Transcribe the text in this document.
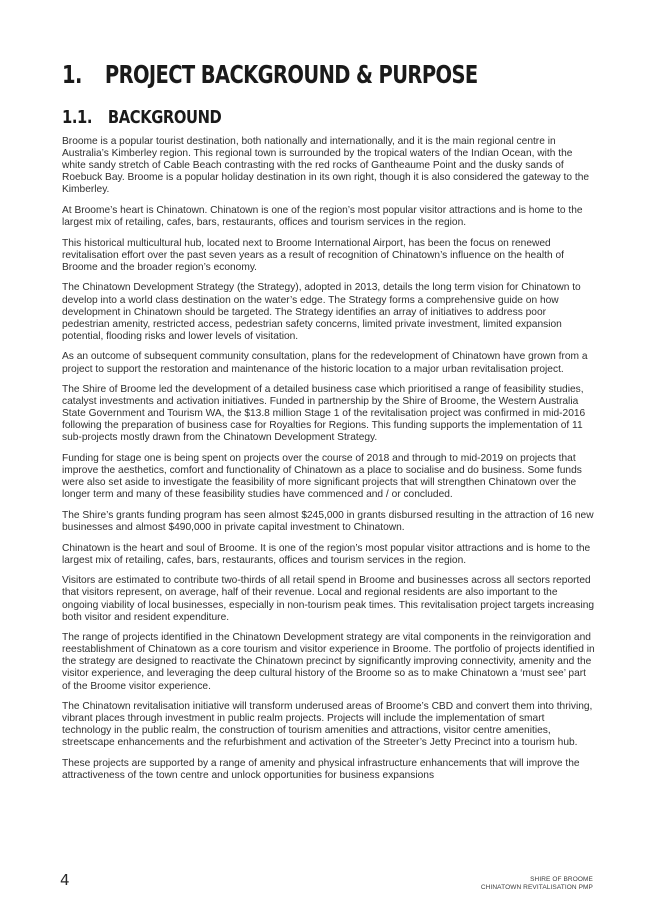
1. PROJECT BACKGROUND & PURPOSE
1.1. BACKGROUND

Broome is a popular tourist destination, both nationally and internationally, and it is the main regional centre in Australia’s Kimberley region. This regional town is surrounded by the tropical waters of the Indian Ocean, with the white sandy stretch of Cable Beach contrasting with the red rocks of Gantheaume Point and the dusky sands of Roebuck Bay. Broome is a popular holiday destination in its own right, though it is also considered the gateway to the Kimberley.

At Broome’s heart is Chinatown. Chinatown is one of the region’s most popular visitor attractions and is home to the largest mix of retailing, cafes, bars, restaurants, offices and tourism services in the region.

This historical multicultural hub, located next to Broome International Airport, has been the focus on renewed revitalisation effort over the past seven years as a result of recognition of Chinatown’s influence on the health of Broome and the broader region’s economy.

The Chinatown Development Strategy (the Strategy), adopted in 2013, details the long term vision for Chinatown to develop into a world class destination on the water’s edge. The Strategy forms a comprehensive guide on how development in Chinatown should be targeted. The Strategy identifies an array of initiatives to address poor pedestrian amenity, restricted access, pedestrian safety concerns, limited private investment, limited expansion potential, flooding risks and lower levels of visitation.

As an outcome of subsequent community consultation, plans for the redevelopment of Chinatown have grown from a project to support the restoration and maintenance of the historic location to a major urban revitalisation project.

The Shire of Broome led the development of a detailed business case which prioritised a range of feasibility studies, catalyst investments and activation initiatives. Funded in partnership by the Shire of Broome, the Western Australia State Government and Tourism WA, the $13.8 million Stage 1 of the revitalisation project was confirmed in mid-2016 following the preparation of business case for Royalties for Regions. This funding supports the implementation of 11 sub-projects mostly drawn from the Chinatown Development Strategy.

Funding for stage one is being spent on projects over the course of 2018 and through to mid-2019 on projects that improve the aesthetics, comfort and functionality of Chinatown as a place to socialise and do business. Some funds were also set aside to investigate the feasibility of more significant projects that will strengthen Chinatown over the longer term and many of these feasibility studies have commenced and / or concluded.

The Shire’s grants funding program has seen almost $245,000 in grants disbursed resulting in the attraction of 16 new businesses and almost $490,000 in private capital investment to Chinatown.

Chinatown is the heart and soul of Broome. It is one of the region’s most popular visitor attractions and is home to the largest mix of retailing, cafes, bars, restaurants, offices and tourism services in the region.

Visitors are estimated to contribute two-thirds of all retail spend in Broome and businesses across all sectors reported that visitors represent, on average, half of their revenue. Local and regional residents are also important to the ongoing viability of local businesses, especially in non-tourism peak times. This revitalisation project targets increasing both visitor and resident expenditure.

The range of projects identified in the Chinatown Development strategy are vital components in the reinvigoration and reestablishment of Chinatown as a core tourism and visitor experience in Broome. The portfolio of projects identified in the strategy are designed to reactivate the Chinatown precinct by significantly improving connectivity, amenity and the visitor experience, and leveraging the deep cultural history of the Broome so as to make Chinatown a ‘must see’ part of the Broome visitor experience.

The Chinatown revitalisation initiative will transform underused areas of Broome’s CBD and convert them into thriving, vibrant places through investment in public realm projects. Projects will include the implementation of smart technology in the public realm, the construction of tourism amenities and attractions, visitor centre amenities, streetscape enhancements and the refurbishment and activation of the Streeter’s Jetty Precinct into a tourism hub.

These projects are supported by a range of amenity and physical infrastructure enhancements that will improve the attractiveness of the town centre and unlock opportunities for business expansions

4	SHIRE OF BROOME
CHINATOWN REVITALISATION PMP
